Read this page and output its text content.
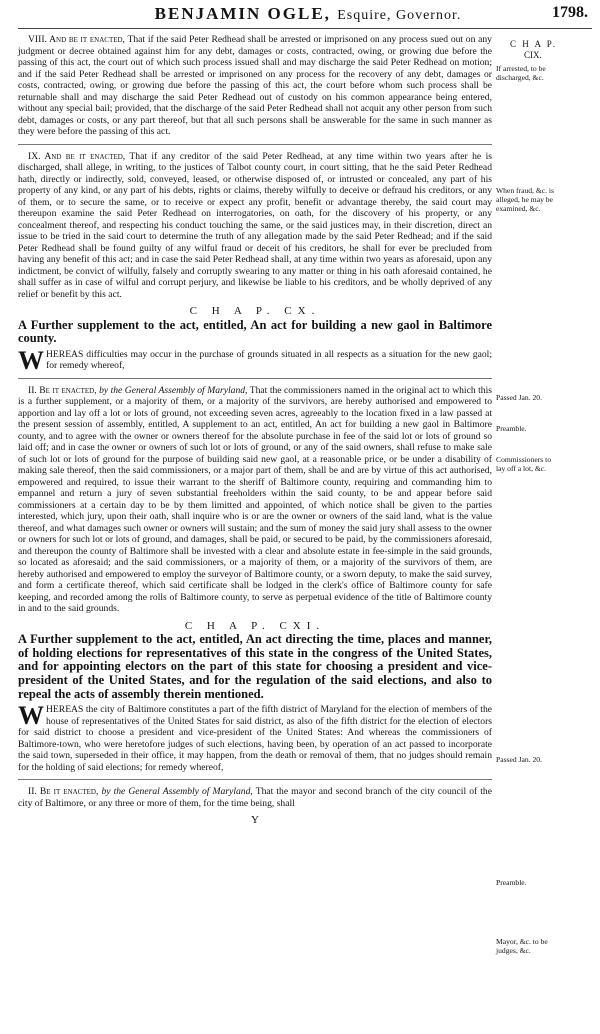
BENJAMIN OGLE, Esquire, Governor.	1798.
C H A P.
CIX.
If arrested, to be discharged, &c.
When fraud, &c. is alleged, he may be examined, &c.
Passed Jan. 20.
Preamble.
Commissioners to lay off a lot, &c.
Passed Jan. 20.
Preamble.
Mayor, &c. to be judges, &c.

VIII. And be it enacted, That if the said Peter Redhead shall be arrested or imprisoned on any process sued out on any judgment or decree obtained against him for any debt, damages or costs, contracted, owing, or growing due before the passing of this act, the court out of which such process issued shall and may discharge the said Peter Redhead on motion; and if the said Peter Redhead shall be arrested or imprisoned on any process for the recovery of any debt, damages or costs, contracted, owing, or growing due before the passing of this act, the court before whom such process shall be returnable shall and may discharge the said Peter Redhead out of custody on his common appearance being entered, without any special bail; provided, that the discharge of the said Peter Redhead shall not acquit any other person from such debt, damages or costs, or any part thereof, but that all such persons shall be answerable for the same in such manner as they were before the passing of this act.

IX. And be it enacted, That if any creditor of the said Peter Redhead, at any time within two years after he is discharged, shall allege, in writing, to the justices of Talbot county court, in court sitting, that he the said Peter Redhead hath, directly or indirectly, sold, conveyed, leased, or otherwise disposed of, or intrusted or concealed, any part of his property of any kind, or any part of his debts, rights or claims, thereby wilfully to deceive or defraud his creditors, or any of them, or to secure the same, or to receive or expect any profit, benefit or advantage thereby, the said court may thereupon examine the said Peter Redhead on interrogatories, on oath, for the discovery of his property, or any concealment thereof, and respecting his conduct touching the same, or the said justices may, in their discretion, direct an issue to be tried in the said court to determine the truth of any allegation made by the said Peter Redhead; and if the said Peter Redhead shall be found guilty of any wilful fraud or deceit of his creditors, he shall for ever be precluded from having any benefit of this act; and in case the said Peter Redhead shall, at any time within two years as aforesaid, upon any indictment, be convict of wilfully, falsely and corruptly swearing to any matter or thing in his oath aforesaid contained, he shall suffer as in case of wilful and corrupt perjury, and likewise be liable to his creditors, and be wholly deprived of any relief or benefit by this act.

C H A P. CX.
A Further supplement to the act, entitled, An act for building a new gaol in Baltimore county.

WHEREAS difficulties may occur in the purchase of grounds situated in all respects as a situation for the new gaol; for remedy whereof,

II. Be it enacted, by the General Assembly of Maryland, That the commissioners named in the original act to which this is a further supplement, or a majority of them, or a majority of the survivors, are hereby authorised and empowered to apportion and lay off a lot or lots of ground, not exceeding seven acres, agreeably to the location fixed in a law passed at the present session of assembly, entitled, A supplement to an act, entitled, An act for building a new gaol in Baltimore county, and to agree with the owner or owners thereof for the absolute purchase in fee of the said lot or lots of ground so laid off; and in case the owner or owners of such lot or lots of ground, or any of the said owners, shall refuse to make sale of such lot or lots of ground for the purpose of building said new gaol, at a reasonable price, or be under a disability of making sale thereof, then the said commissioners, or a major part of them, shall be and are by virtue of this act authorised, empowered and required, to issue their warrant to the sheriff of Baltimore county, requiring and commanding him to empannel and return a jury of seven substantial freeholders within the said county, to be and appear before said commissioners at a certain day to be by them limitted and appointed, of which notice shall be given to the parties interested, which jury, upon their oath, shall inquire who is or are the owner or owners of the said land, what is the value thereof, and what damages such owner or owners will sustain; and the sum of money the said jury shall assess to the owner or owners for such lot or lots of ground, and damages, shall be paid, or secured to be paid, by the commissioners aforesaid, and thereupon the county of Baltimore shall be invested with a clear and absolute estate in fee-simple in the said grounds, so located as aforesaid; and the said commissioners, or a majority of them, or a majority of the survivors of them, are hereby authorised and empowered to employ the surveyor of Baltimore county, or a sworn deputy, to make the said survey, and form a certificate thereof, which said certificate shall be lodged in the clerk's office of Baltimore county for safe keeping, and recorded among the rolls of Baltimore county, to serve as perpetual evidence of the title of Baltimore county in and to the said grounds.

C H A P. CXI.
A Further supplement to the act, entitled, An act directing the time, places and manner, of holding elections for representatives of this state in the congress of the United States, and for appointing electors on the part of this state for choosing a president and vice-president of the United States, and for the regulation of the said elections, and also to repeal the acts of assembly therein mentioned.

WHEREAS the city of Baltimore constitutes a part of the fifth district of Maryland for the election of members of the house of representatives of the United States for said district, as also of the fifth district for the election of electors for said district to choose a president and vice-president of the United States: And whereas the commissioners of Baltimore-town, who were heretofore judges of such elections, having been, by operation of an act passed to incorporate the said town, superseded in their office, it may happen, from the death or removal of them, that no judges should remain for the holding of said elections; for remedy whereof,

II. Be it enacted, by the General Assembly of Maryland, That the mayor and second branch of the city council of the city of Baltimore, or any three or more of them, for the time being, shall

Y
